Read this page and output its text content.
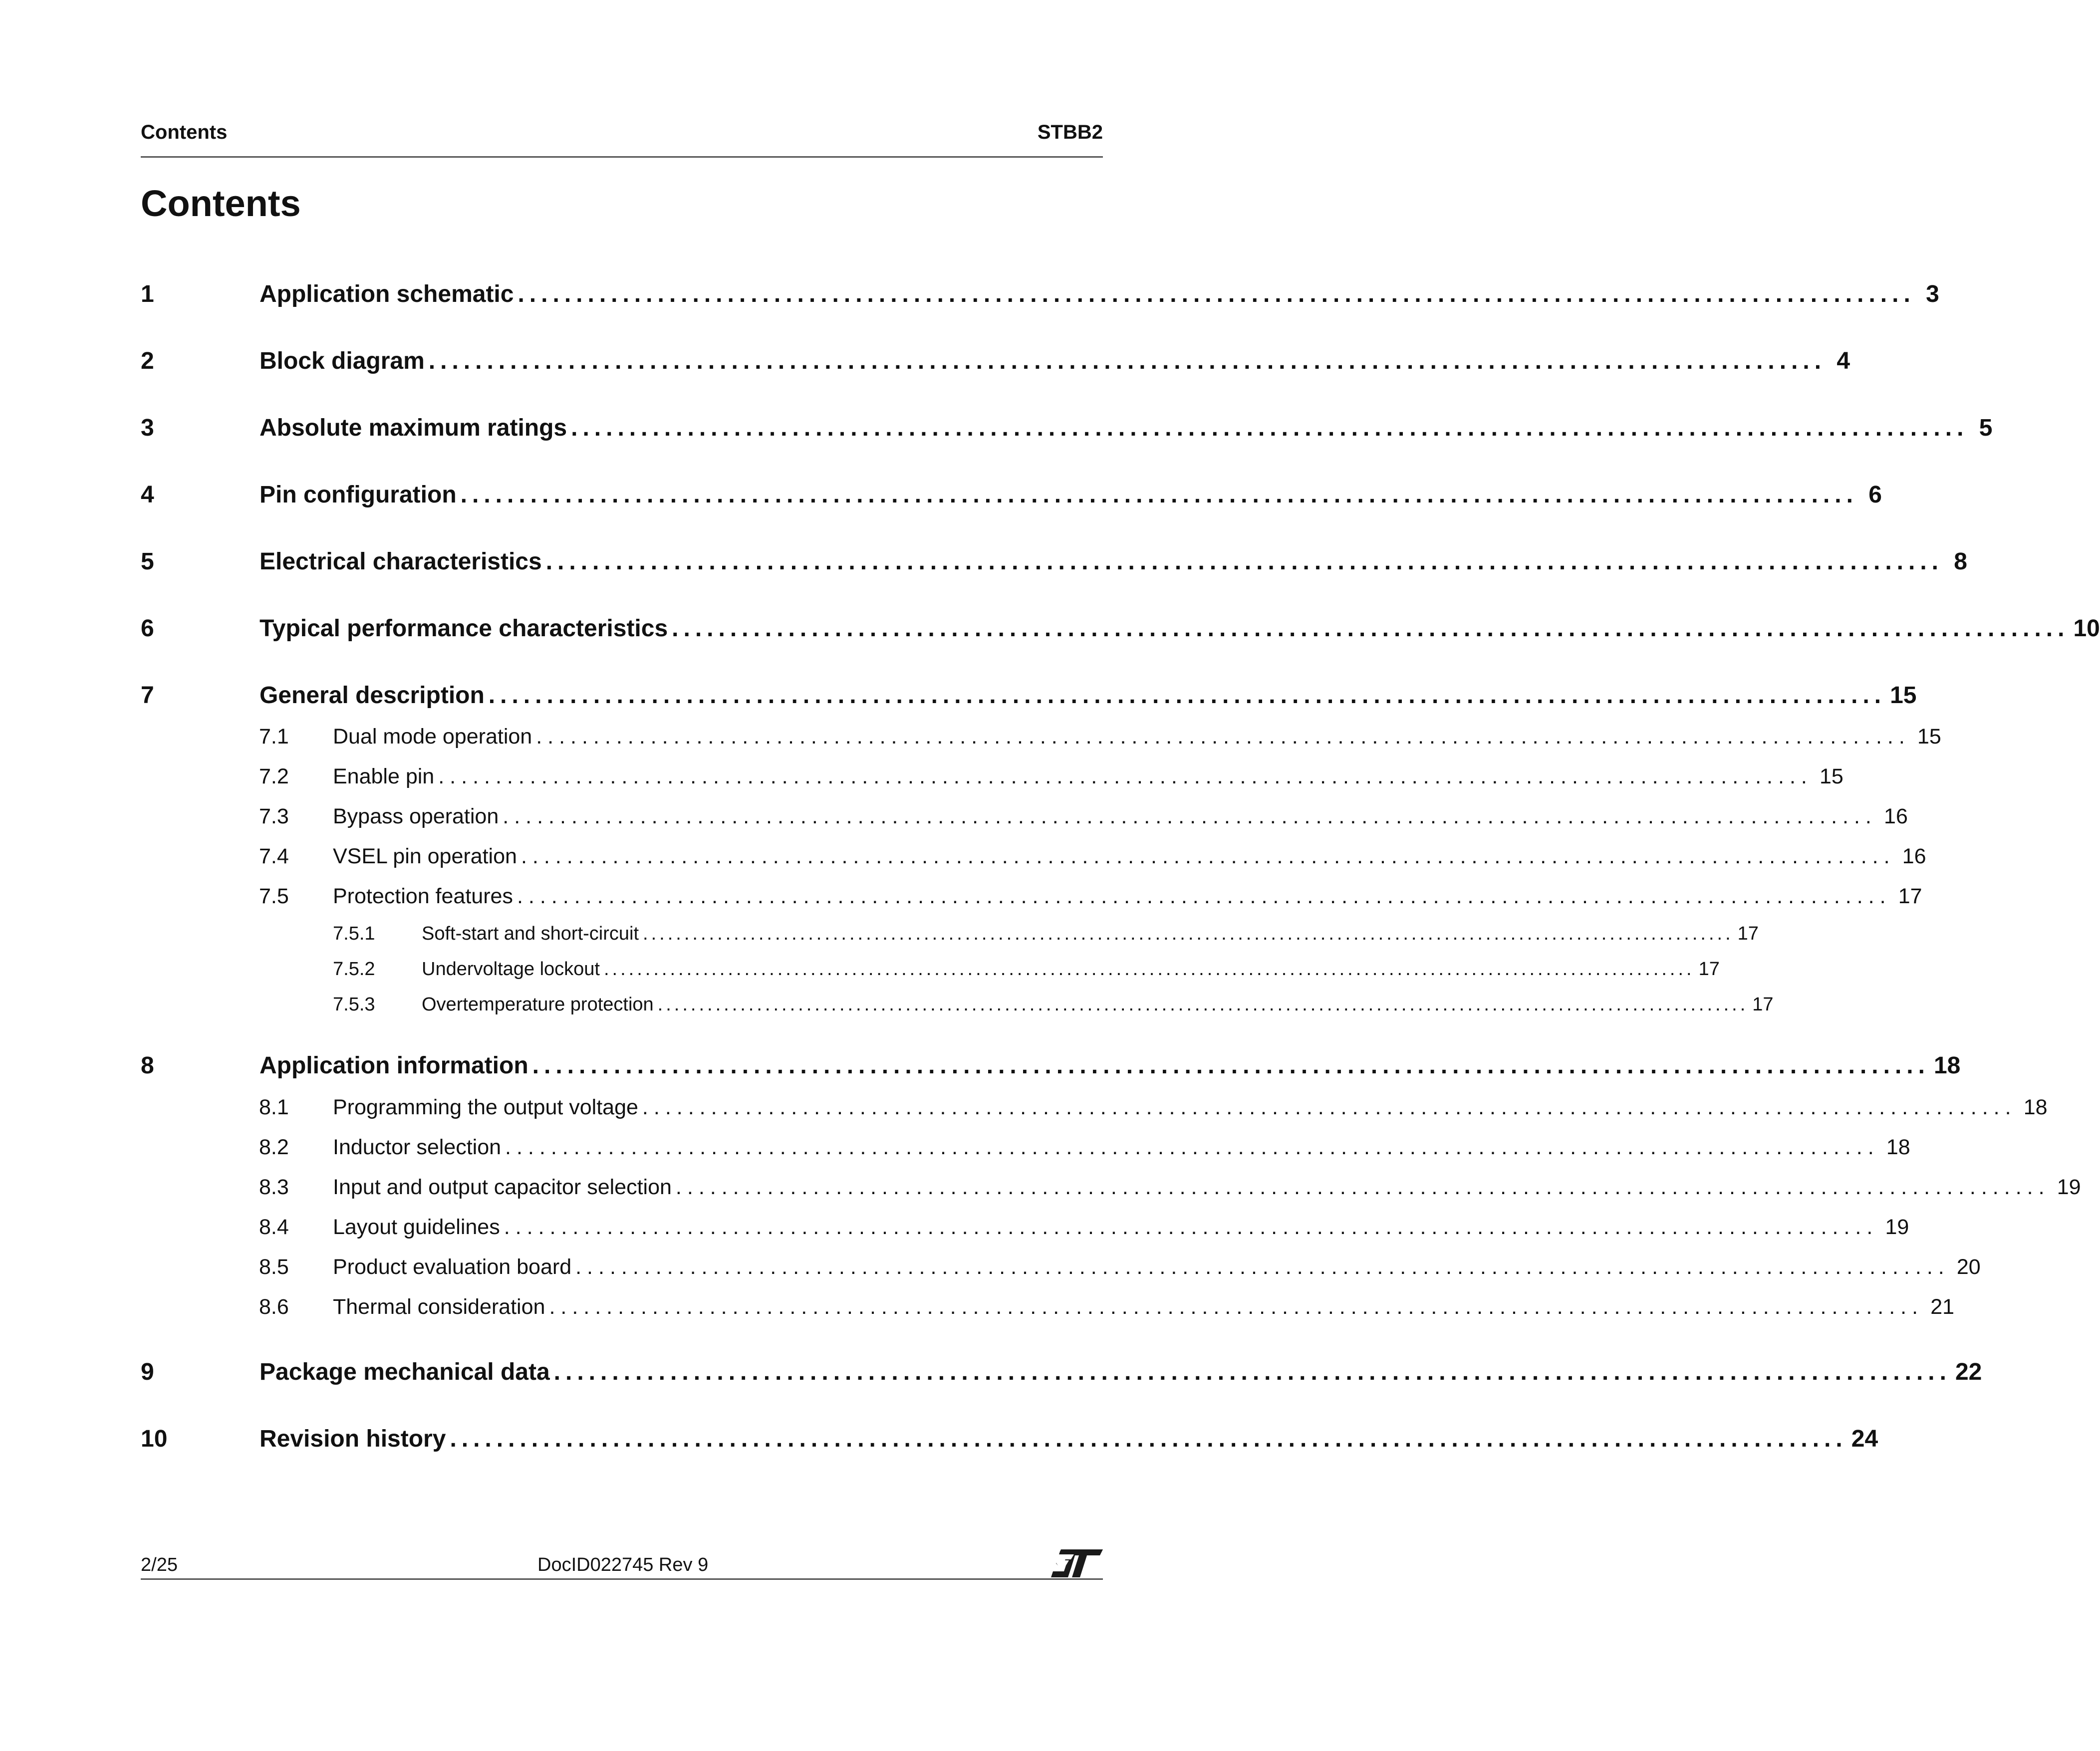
Contents	STBB2
Contents
1	Application schematic ........................................................................................................................ 3
2	Block diagram ........................................................................................................................ 4
3	Absolute maximum ratings ........................................................................................................................ 5
4	Pin configuration ........................................................................................................................ 6
5	Electrical characteristics ........................................................................................................................ 8
6	Typical performance characteristics ........................................................................................................................ 10
7	General description ........................................................................................................................ 15
7.1	Dual mode operation ........................................................................................................................ 15
7.2	Enable pin ........................................................................................................................ 15
7.3	Bypass operation ........................................................................................................................ 16
7.4	VSEL pin operation ........................................................................................................................ 16
7.5	Protection features ........................................................................................................................ 17
7.5.1	Soft-start and short-circuit .................................................................................................................................... 17
7.5.2	Undervoltage lockout .................................................................................................................................... 17
7.5.3	Overtemperature protection .................................................................................................................................... 17
8	Application information ........................................................................................................................ 18
8.1	Programming the output voltage ........................................................................................................................ 18
8.2	Inductor selection ........................................................................................................................ 18
8.3	Input and output capacitor selection ........................................................................................................................ 19
8.4	Layout guidelines ........................................................................................................................ 19
8.5	Product evaluation board ........................................................................................................................ 20
8.6	Thermal consideration ........................................................................................................................ 21
9	Package mechanical data ........................................................................................................................ 22
10	Revision history ........................................................................................................................ 24
2/25	DocID022745 Rev 9
